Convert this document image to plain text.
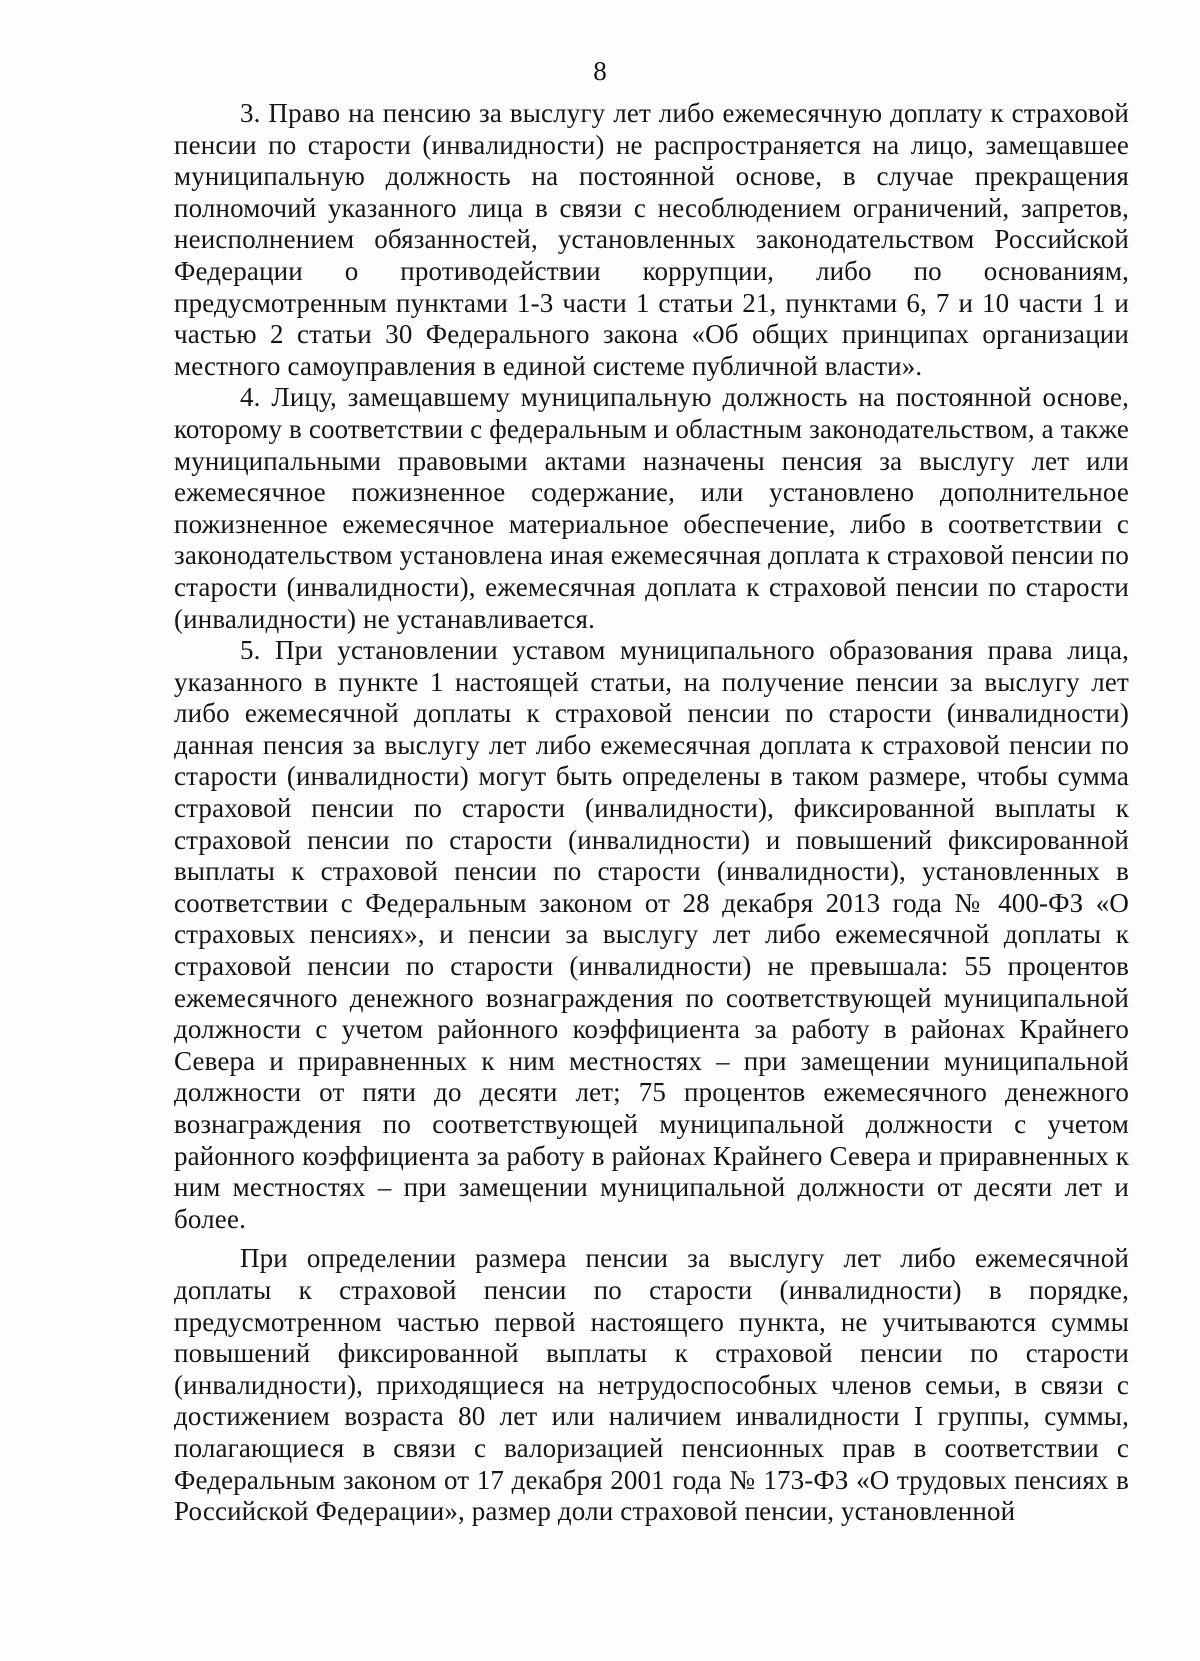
8

3. Право на пенсию за выслугу лет либо ежемесячную доплату к страховой пенсии по старости (инвалидности) не распространяется на лицо, замещавшее муниципальную должность на постоянной основе, в случае прекращения полномочий указанного лица в связи с несоблюдением ограничений, запретов, неисполнением обязанностей, установленных законодательством Российской Федерации о противодействии коррупции, либо по основаниям, предусмотренным пунктами 1-3 части 1 статьи 21, пунктами 6, 7 и 10 части 1 и частью 2 статьи 30 Федерального закона «Об общих принципах организации местного самоуправления в единой системе публичной власти».

4. Лицу, замещавшему муниципальную должность на постоянной основе, которому в соответствии с федеральным и областным законодательством, а также муниципальными правовыми актами назначены пенсия за выслугу лет или ежемесячное пожизненное содержание, или установлено дополнительное пожизненное ежемесячное материальное обеспечение, либо в соответствии с законодательством установлена иная ежемесячная доплата к страховой пенсии по старости (инвалидности), ежемесячная доплата к страховой пенсии по старости (инвалидности) не устанавливается.

5. При установлении уставом муниципального образования права лица, указанного в пункте 1 настоящей статьи, на получение пенсии за выслугу лет либо ежемесячной доплаты к страховой пенсии по старости (инвалидности) данная пенсия за выслугу лет либо ежемесячная доплата к страховой пенсии по старости (инвалидности) могут быть определены в таком размере, чтобы сумма страховой пенсии по старости (инвалидности), фиксированной выплаты к страховой пенсии по старости (инвалидности) и повышений фиксированной выплаты к страховой пенсии по старости (инвалидности), установленных в соответствии с Федеральным законом от 28 декабря 2013 года № 400-ФЗ «О страховых пенсиях», и пенсии за выслугу лет либо ежемесячной доплаты к страховой пенсии по старости (инвалидности) не превышала: 55 процентов ежемесячного денежного вознаграждения по соответствующей муниципальной должности с учетом районного коэффициента за работу в районах Крайнего Севера и приравненных к ним местностях – при замещении муниципальной должности от пяти до десяти лет; 75 процентов ежемесячного денежного вознаграждения по соответствующей муниципальной должности с учетом районного коэффициента за работу в районах Крайнего Севера и приравненных к ним местностях – при замещении муниципальной должности от десяти лет и более.

При определении размера пенсии за выслугу лет либо ежемесячной доплаты к страховой пенсии по старости (инвалидности) в порядке, предусмотренном частью первой настоящего пункта, не учитываются суммы повышений фиксированной выплаты к страховой пенсии по старости (инвалидности), приходящиеся на нетрудоспособных членов семьи, в связи с достижением возраста 80 лет или наличием инвалидности I группы, суммы, полагающиеся в связи с валоризацией пенсионных прав в соответствии с Федеральным законом от 17 декабря 2001 года № 173-ФЗ «О трудовых пенсиях в Российской Федерации», размер доли страховой пенсии, установленной
